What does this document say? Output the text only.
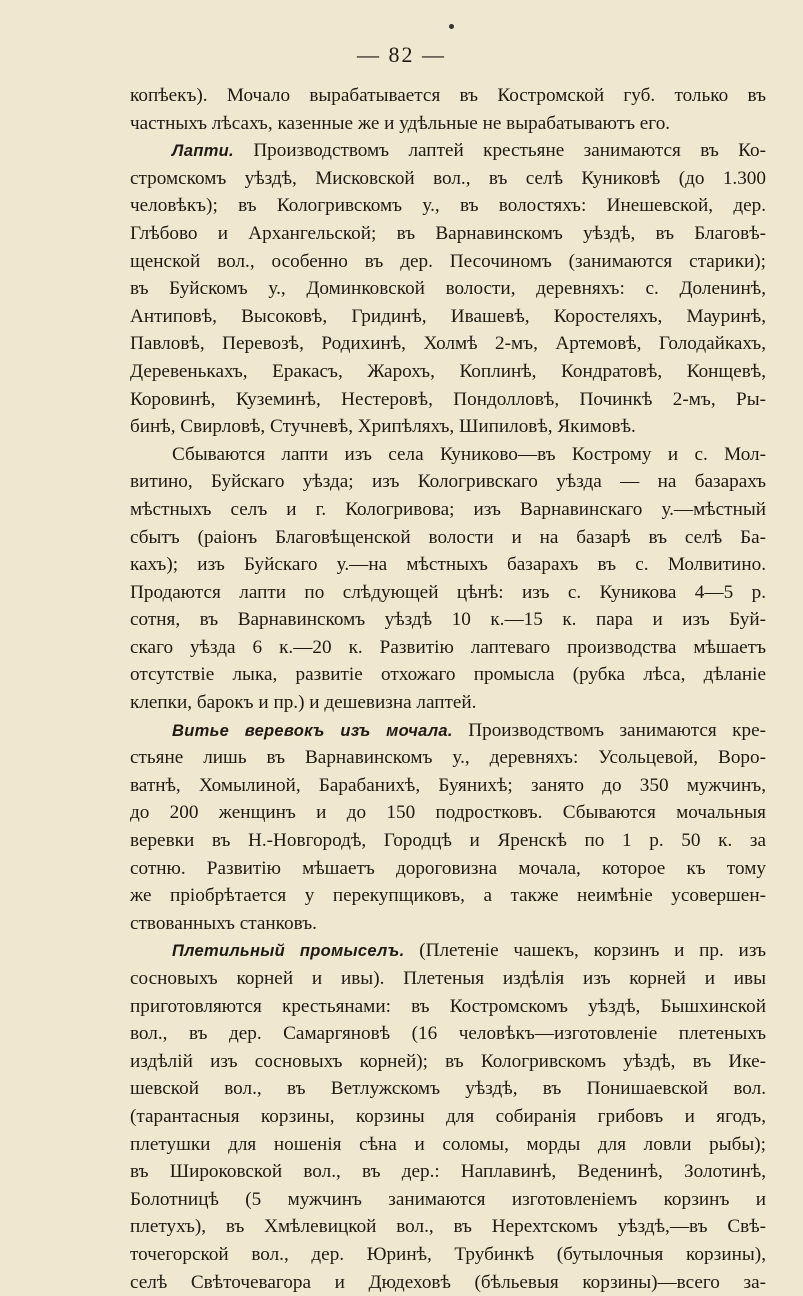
— 82 —
копѣекъ). Мочало вырабатывается въ Костромской губ. только въ
частныхъ лѣсахъ, казенные же и удѣльные не вырабатываютъ его.
Лапти. Производствомъ лаптей крестьяне занимаются въ Ко-
стромскомъ уѣздѣ, Мисковской вол., въ селѣ Куниковѣ (до 1.300
человѣкъ); въ Кологривскомъ у., въ волостяхъ: Инешевской, дер.
Глѣбово и Архангельской; въ Варнавинскомъ уѣздѣ, въ Благовѣ-
щенской вол., особенно въ дер. Песочиномъ (занимаются старики);
въ Буйскомъ у., Доминковской волости, деревняхъ: с. Доленинѣ,
Антиповѣ, Высоковѣ, Гридинѣ, Ивашевѣ, Коростеляхъ, Мауринѣ,
Павловѣ, Перевозѣ, Родихинѣ, Холмѣ 2-мъ, Артемовѣ, Голодайкахъ,
Деревенькахъ, Еракасъ, Жарохъ, Коплинѣ, Кондратовѣ, Конщевѣ,
Коровинѣ, Куземинѣ, Нестеровѣ, Пондолловѣ, Починкѣ 2-мъ, Ры-
бинѣ, Свирловѣ, Стучневѣ, Хрипѣляхъ, Шипиловѣ, Якимовѣ.
Сбываются лапти изъ села Куниково—въ Кострому и с. Мол-
витино, Буйскаго уѣзда; изъ Кологривскаго уѣзда — на базарахъ
мѣстныхъ селъ и г. Кологривова; изъ Варнавинскаго у.—мѣстный
сбытъ (раіонъ Благовѣщенской волости и на базарѣ въ селѣ Ба-
кахъ); изъ Буйскаго у.—на мѣстныхъ базарахъ въ с. Молвитино.
Продаются лапти по слѣдующей цѣнѣ: изъ с. Куникова 4—5 р.
сотня, въ Варнавинскомъ уѣздѣ 10 к.—15 к. пара и изъ Буй-
скаго уѣзда 6 к.—20 к. Развитію лаптеваго производства мѣшаетъ
отсутствіе лыка, развитіе отхожаго промысла (рубка лѣса, дѣланіе
клепки, барокъ и пр.) и дешевизна лаптей.
Витье веревокъ изъ мочала. Производствомъ занимаются кре-
стьяне лишь въ Варнавинскомъ у., деревняхъ: Усольцевой, Воро-
ватнѣ, Хомылиной, Барабанихѣ, Буянихѣ; занято до 350 мужчинъ,
до 200 женщинъ и до 150 подростковъ. Сбываются мочальныя
веревки въ Н.-Новгородѣ, Городцѣ и Яренскѣ по 1 р. 50 к. за
сотню. Развитію мѣшаетъ дороговизна мочала, которое къ тому
же пріобрѣтается у перекупщиковъ, а также неимѣніе усовершен-
ствованныхъ станковъ.
Плетильный промыселъ. (Плетеніе чашекъ, корзинъ и пр. изъ
сосновыхъ корней и ивы). Плетеныя издѣлія изъ корней и ивы
приготовляются крестьянами: въ Костромскомъ уѣздѣ, Бышхинской
вол., въ дер. Самаргяновѣ (16 человѣкъ—изготовленіе плетеныхъ
издѣлій изъ сосновыхъ корней); въ Кологривскомъ уѣздѣ, въ Ике-
шевской вол., въ Ветлужскомъ уѣздѣ, въ Понишаевской вол.
(тарантасныя корзины, корзины для собиранія грибовъ и ягодъ,
плетушки для ношенія сѣна и соломы, морды для ловли рыбы);
въ Широковской вол., въ дер.: Наплавинѣ, Веденинѣ, Золотинѣ,
Болотницѣ (5 мужчинъ занимаются изготовленіемъ корзинъ и
плетухъ), въ Хмѣлевицкой вол., въ Нерехтскомъ уѣздѣ,—въ Свѣ-
точегорской вол., дер. Юринѣ, Трубинкѣ (бутылочныя корзины),
селѣ Свѣточевагора и Дюдеховѣ (бѣльевыя корзины)—всего за-
